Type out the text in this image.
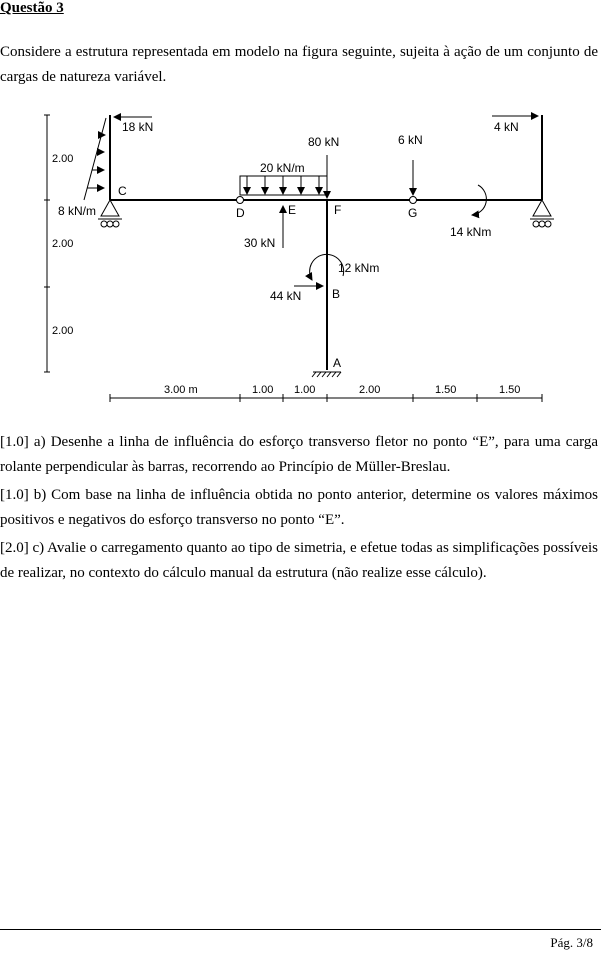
Questão 3

Considere a estrutura representada em modelo na figura seguinte, sujeita à ação de um conjunto de cargas de natureza variável.

2.00
2.00
2.00
3.00 m	1.00 1.00	2.00	1.50	1.50
8 kN/m
18 kN
20 kN/m
80 kN	6 kN
4 kN
30 kN
44 kN
12 kNm
14 kNm
C
D	E	F	G
B
A

[1.0] a) Desenhe a linha de influência do esforço transverso fletor no ponto “E”, para uma carga rolante perpendicular às barras, recorrendo ao Princípio de Müller-Breslau.

[1.0] b) Com base na linha de influência obtida no ponto anterior, determine os valores máximos positivos e negativos do esforço transverso no ponto “E”.

[2.0] c) Avalie o carregamento quanto ao tipo de simetria, e efetue todas as simplificações possíveis de realizar, no contexto do cálculo manual da estrutura (não realize esse cálculo).

Pág. 3/8
